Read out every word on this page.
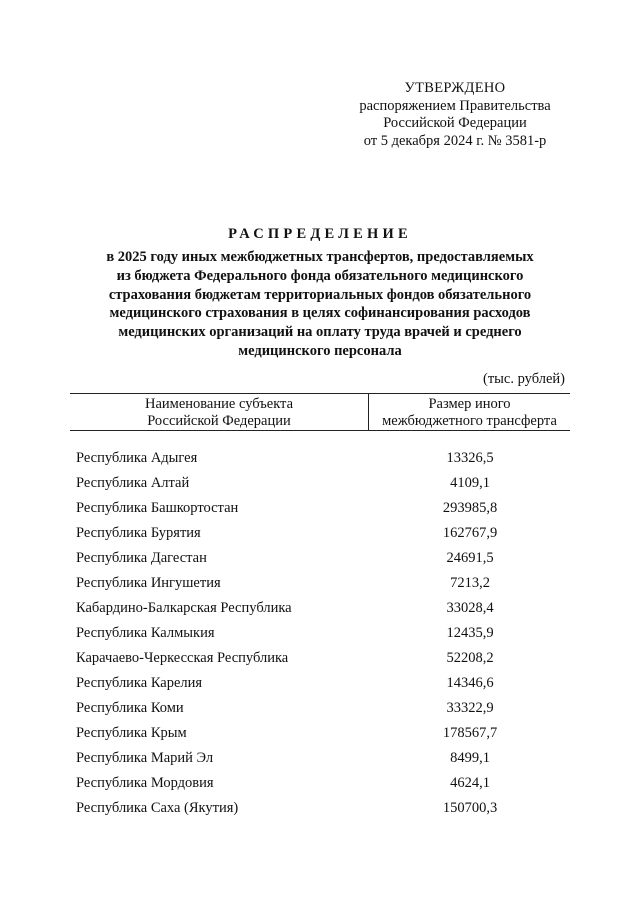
УТВЕРЖДЕНО
распоряжением Правительства
Российской Федерации
от 5 декабря 2024 г. № 3581-р
РАСПРЕДЕЛЕНИЕ
в 2025 году иных межбюджетных трансфертов, предоставляемых
из бюджета Федерального фонда обязательного медицинского
страхования бюджетам территориальных фондов обязательного
медицинского страхования в целях софинансирования расходов
медицинских организаций на оплату труда врачей и среднего
медицинского персонала
(тыс. рублей)
Наименование субъекта
Российской Федерации
Размер иного
межбюджетного трансферта
Республика Адыгея	13326,5
Республика Алтай	4109,1
Республика Башкортостан	293985,8
Республика Бурятия	162767,9
Республика Дагестан	24691,5
Республика Ингушетия	7213,2
Кабардино-Балкарская Республика	33028,4
Республика Калмыкия	12435,9
Карачаево-Черкесская Республика	52208,2
Республика Карелия	14346,6
Республика Коми	33322,9
Республика Крым	178567,7
Республика Марий Эл	8499,1
Республика Мордовия	4624,1
Республика Саха (Якутия)	150700,3
